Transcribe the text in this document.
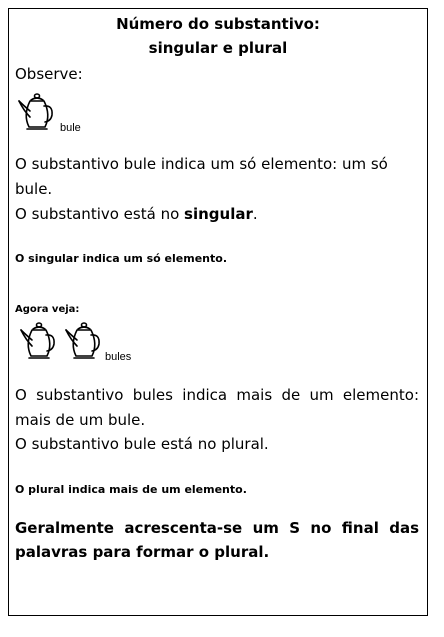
Número do substantivo:
singular e plural
Observe:
bule
O substantivo bule indica um só elemento: um só
bule.
O substantivo está no singular.
O singular indica um só elemento.
Agora veja:
bules
O substantivo bules indica mais de um elemento:
mais de um bule.
O substantivo bule está no plural.
O plural indica mais de um elemento.
Geralmente acrescenta-se um S no final das
palavras para formar o plural.
